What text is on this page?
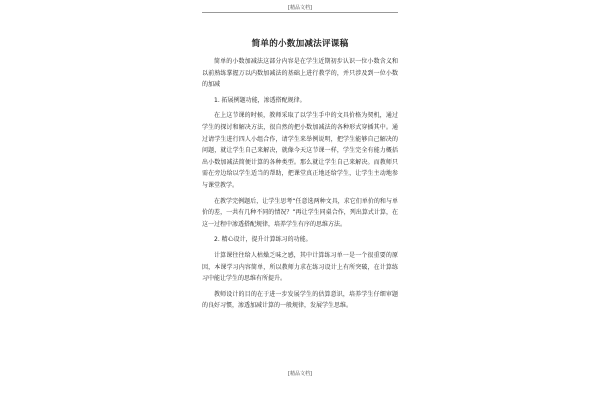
[精品文档]
简单的小数加减法评课稿

简单的小数加减法这部分内容是在学生近期初步认识一位小数含义和以前熟练掌握万以内数加减法的基础上进行教学的，并只涉及到一位小数的加减

1. 拓展例题功能，渗透搭配规律。

在上这节课的时候，教师采取了以学生手中的文具价格为契机，通过学生的探讨和解决方法，很自然的把小数加减法的各种形式穿插其中。通过请学生进行四人小组合作，请学生来举例说明，把学生能够自己解决的问题，就让学生自己来解决，就像今天这节课一样，学生完全有能力概括出小数加减法简便计算的各种类型。那么就让学生自己来解决。而教师只需在旁边给以学生适当的帮助，把课堂真正地还给学生，让学生主动地参与课堂教学。

在教学完例题后，让学生思考“任意选两种文具，求它们单价的和与单价的差，一共有几种不同的情况？”再让学生同桌合作，列出算式计算，在这一过程中渗透搭配规律，培养学生有序的思维方法。

2. 精心设计，提升计算练习的功能。

计算课往往给人枯燥乏味之感，其中计算练习单一是一个很重要的原因，本课学习内容简单，所以教师力求在练习设计上有所突破，在计算练习中能让学生的思维有所提升。

教师设计的目的在于进一步发展学生的估算意识，培养学生仔细审题的良好习惯，渗透加减计算的一般规律，发展学生思维。

[精品文档]
